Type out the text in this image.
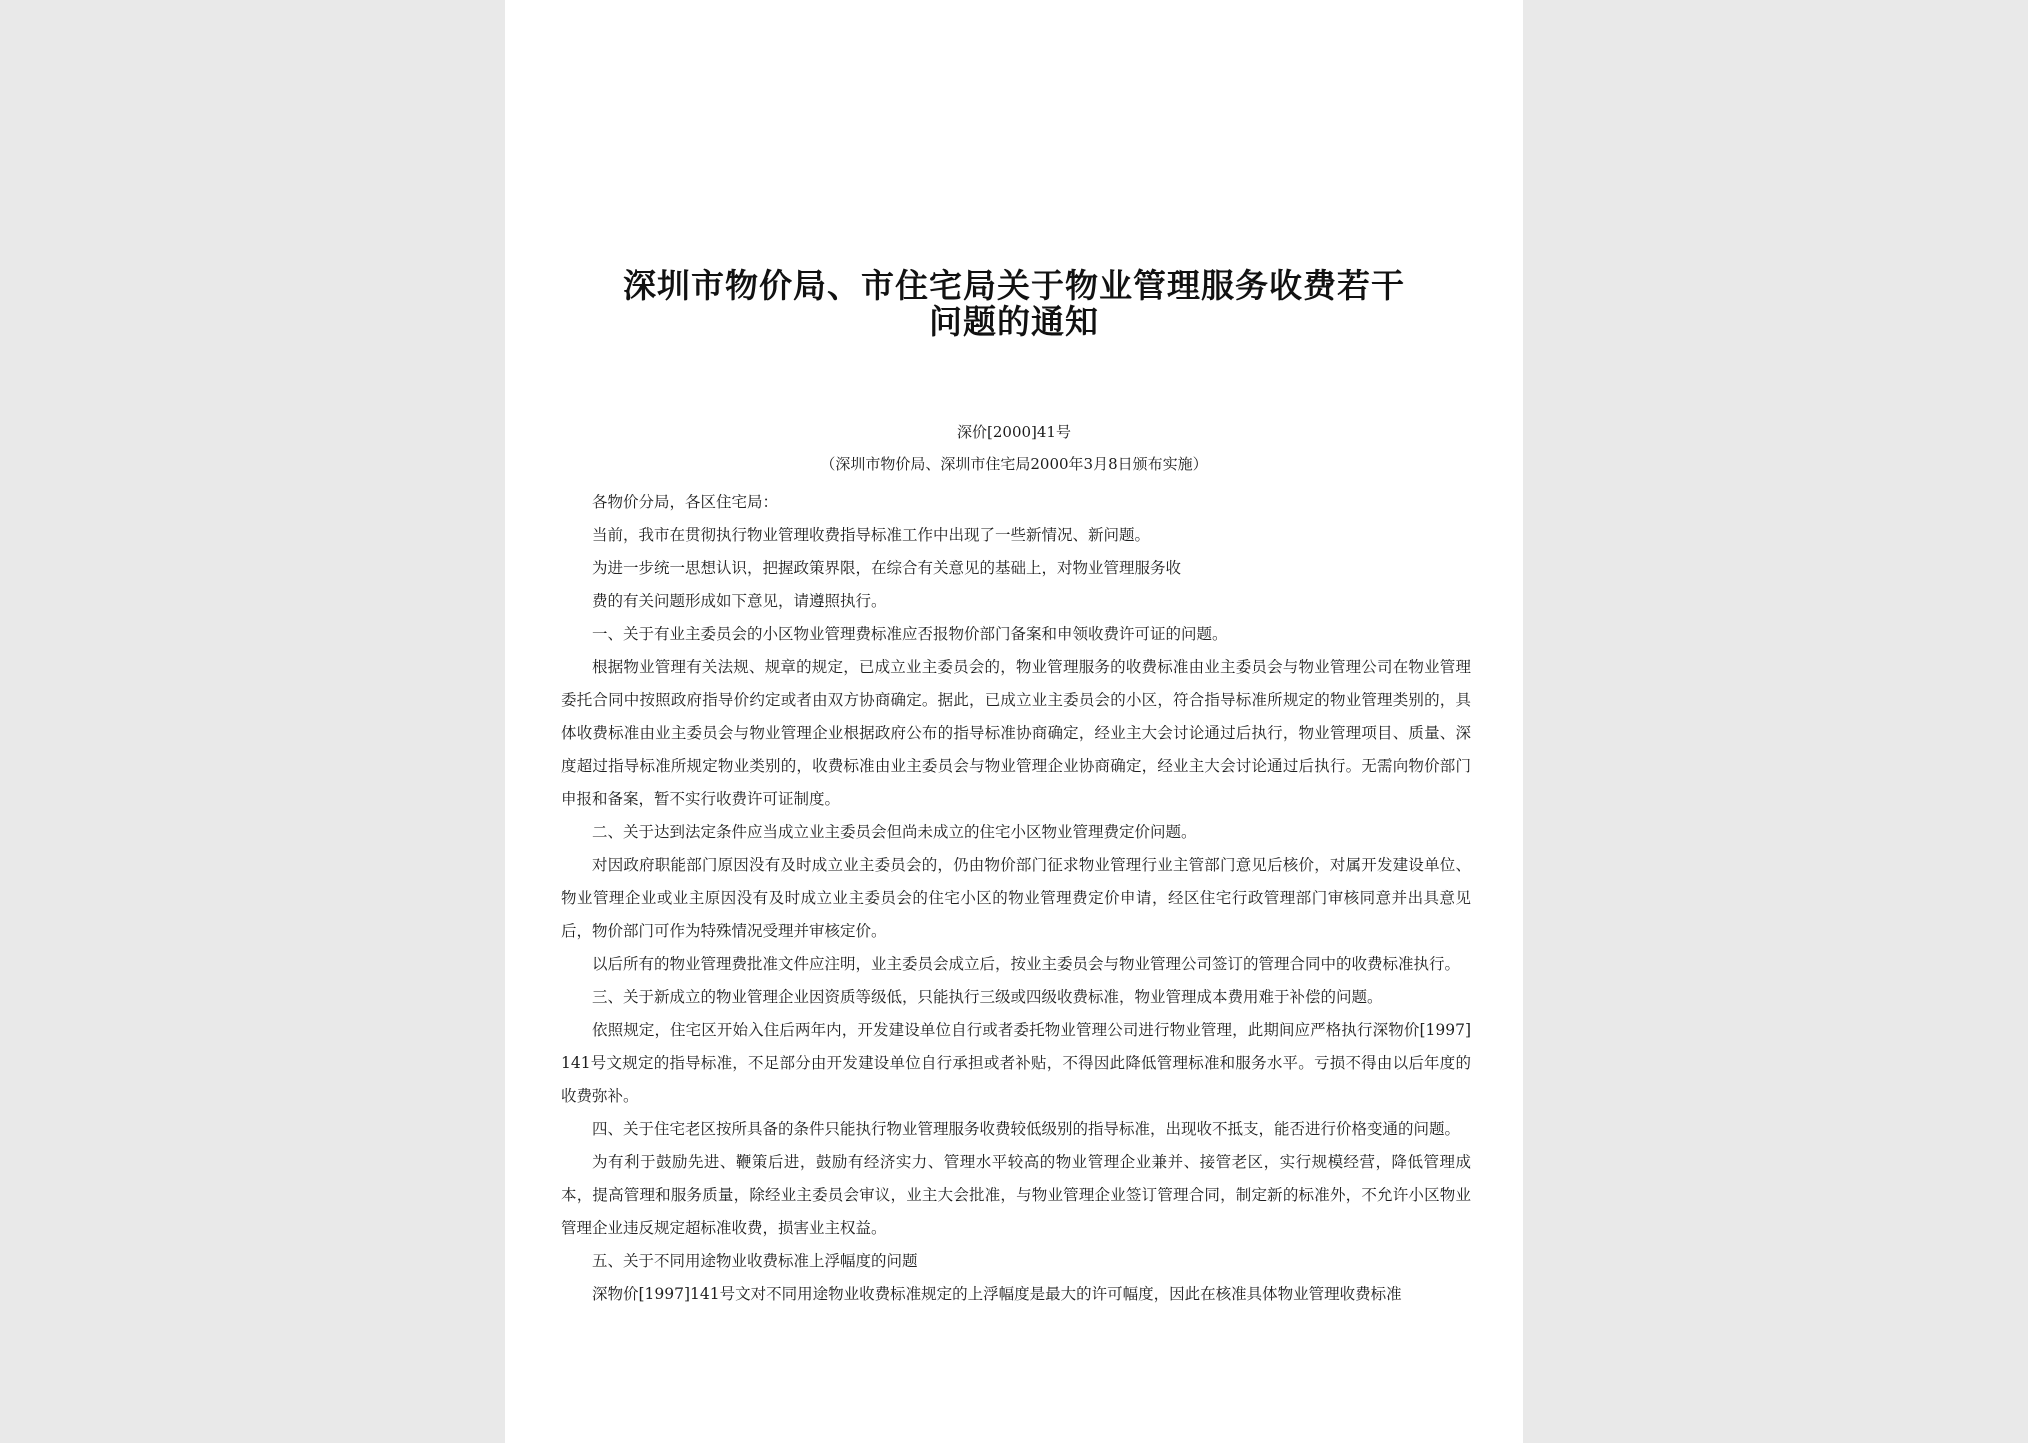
深圳市物价局、市住宅局关于物业管理服务收费若干
问题的通知
深价[2000]41号
（深圳市物价局、深圳市住宅局2000年3月8日颁布实施）

各物价分局，各区住宅局：

当前，我市在贯彻执行物业管理收费指导标准工作中出现了一些新情况、新问题。

为进一步统一思想认识，把握政策界限，在综合有关意见的基础上，对物业管理服务收

费的有关问题形成如下意见，请遵照执行。

一、关于有业主委员会的小区物业管理费标准应否报物价部门备案和申领收费许可证的问题。

根据物业管理有关法规、规章的规定，已成立业主委员会的，物业管理服务的收费标准由业主委员会与物业管理公司在物业管理委托合同中按照政府指导价约定或者由双方协商确定。据此，已成立业主委员会的小区，符合指导标准所规定的物业管理类别的，具体收费标准由业主委员会与物业管理企业根据政府公布的指导标准协商确定，经业主大会讨论通过后执行，物业管理项目、质量、深度超过指导标准所规定物业类别的，收费标准由业主委员会与物业管理企业协商确定，经业主大会讨论通过后执行。无需向物价部门申报和备案，暂不实行收费许可证制度。

二、关于达到法定条件应当成立业主委员会但尚未成立的住宅小区物业管理费定价问题。

对因政府职能部门原因没有及时成立业主委员会的，仍由物价部门征求物业管理行业主管部门意见后核价，对属开发建设单位、物业管理企业或业主原因没有及时成立业主委员会的住宅小区的物业管理费定价申请，经区住宅行政管理部门审核同意并出具意见后，物价部门可作为特殊情况受理并审核定价。

以后所有的物业管理费批准文件应注明，业主委员会成立后，按业主委员会与物业管理公司签订的管理合同中的收费标准执行。

三、关于新成立的物业管理企业因资质等级低，只能执行三级或四级收费标准，物业管理成本费用难于补偿的问题。

依照规定，住宅区开始入住后两年内，开发建设单位自行或者委托物业管理公司进行物业管理，此期间应严格执行深物价[1997]141号文规定的指导标准，不足部分由开发建设单位自行承担或者补贴，不得因此降低管理标准和服务水平。亏损不得由以后年度的收费弥补。

四、关于住宅老区按所具备的条件只能执行物业管理服务收费较低级别的指导标准，出现收不抵支，能否进行价格变通的问题。

为有利于鼓励先进、鞭策后进，鼓励有经济实力、管理水平较高的物业管理企业兼并、接管老区，实行规模经营，降低管理成本，提高管理和服务质量，除经业主委员会审议，业主大会批准，与物业管理企业签订管理合同，制定新的标准外，不允许小区物业管理企业违反规定超标准收费，损害业主权益。

五、关于不同用途物业收费标准上浮幅度的问题

深物价[1997]141号文对不同用途物业收费标准规定的上浮幅度是最大的许可幅度，因此在核准具体物业管理收费标准
